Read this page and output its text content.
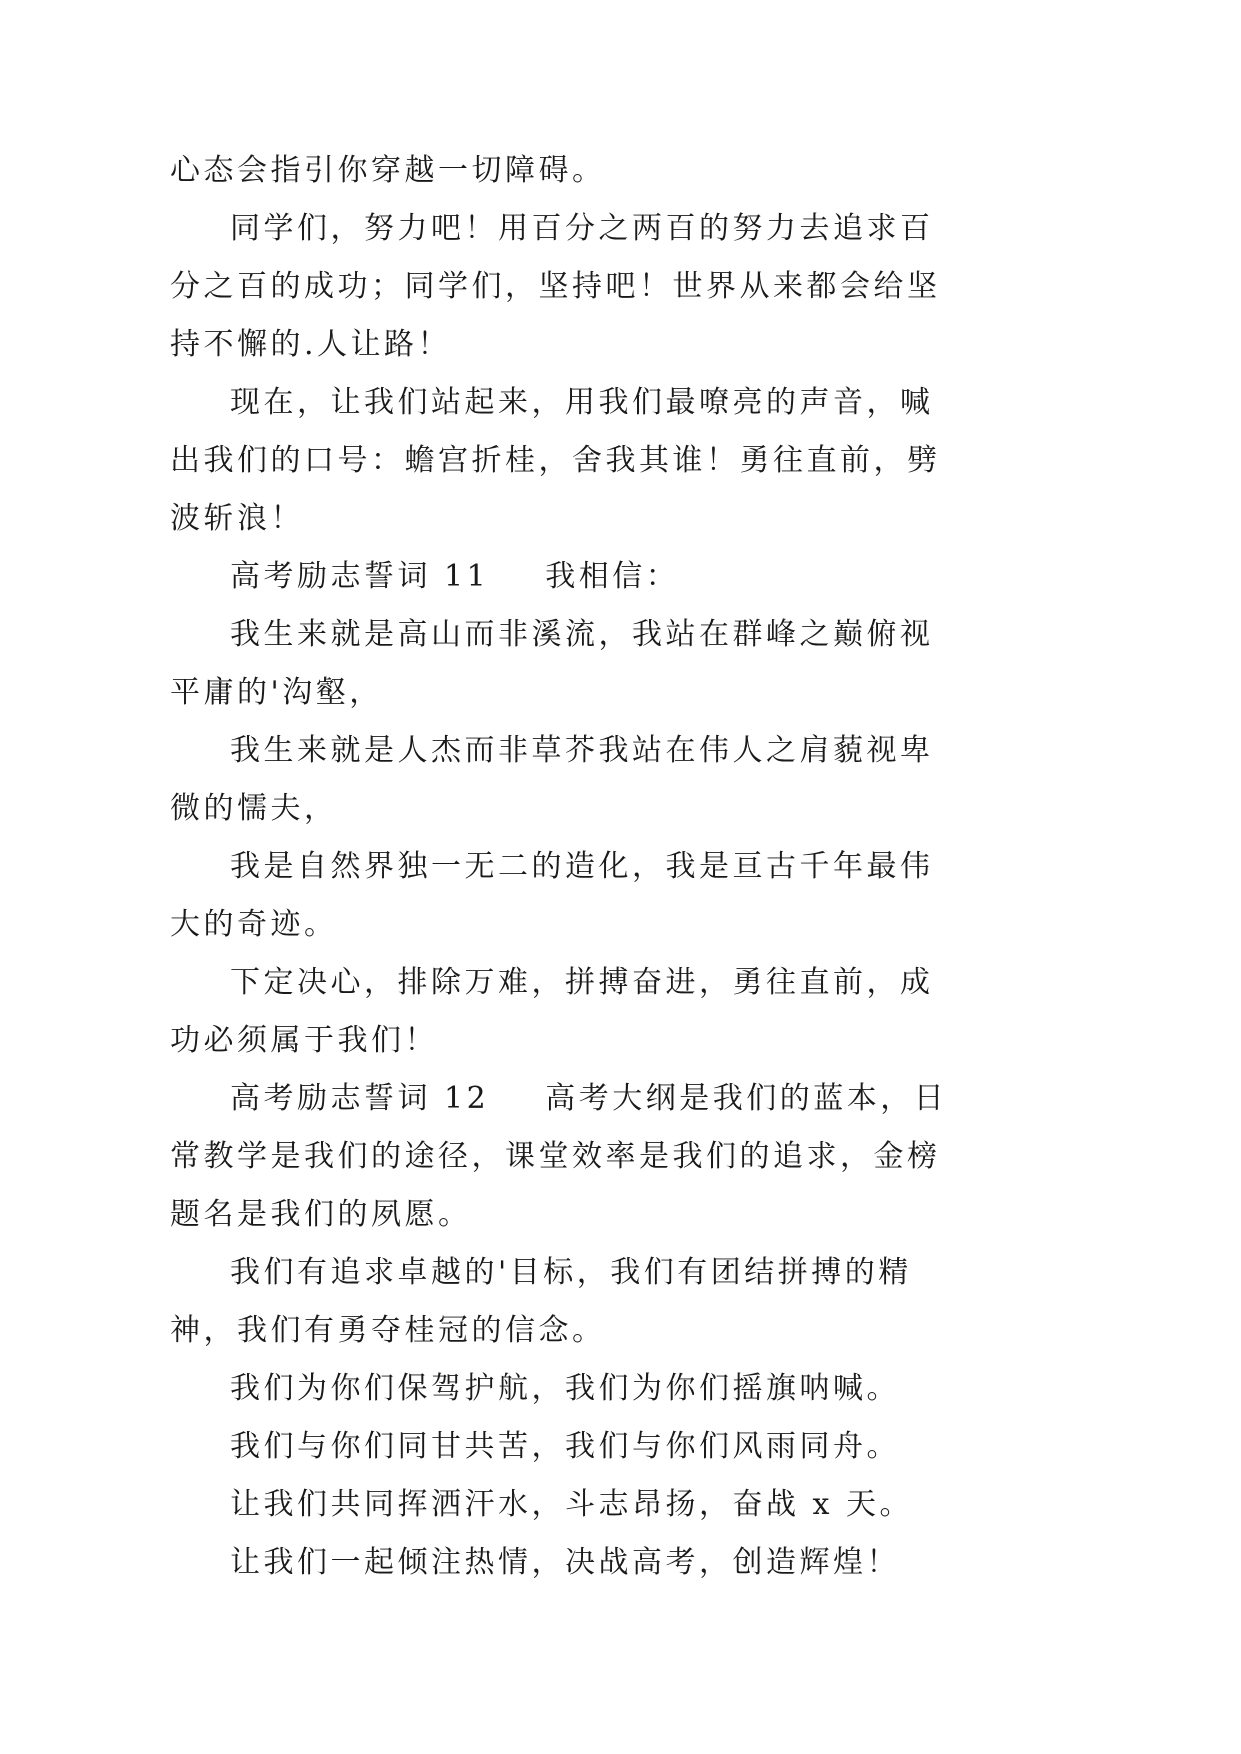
心态会指引你穿越一切障碍。

同学们，努力吧！用百分之两百的努力去追求百分之百的成功；同学们，坚持吧！世界从来都会给坚持不懈的.人让路！

现在，让我们站起来，用我们最嘹亮的声音，喊出我们的口号：蟾宫折桂，舍我其谁！勇往直前，劈波斩浪！

高考励志誓词 11 我相信：

我生来就是高山而非溪流，我站在群峰之巅俯视平庸的'沟壑，

我生来就是人杰而非草芥我站在伟人之肩藐视卑微的懦夫，

我是自然界独一无二的造化，我是亘古千年最伟大的奇迹。

下定决心，排除万难，拼搏奋进，勇往直前，成功必须属于我们！

高考励志誓词 12 高考大纲是我们的蓝本，日常教学是我们的途径，课堂效率是我们的追求，金榜题名是我们的夙愿。

我们有追求卓越的'目标，我们有团结拼搏的精神，我们有勇夺桂冠的信念。

我们为你们保驾护航，我们为你们摇旗呐喊。

我们与你们同甘共苦，我们与你们风雨同舟。

让我们共同挥洒汗水，斗志昂扬，奋战 x 天。

让我们一起倾注热情，决战高考，创造辉煌！
